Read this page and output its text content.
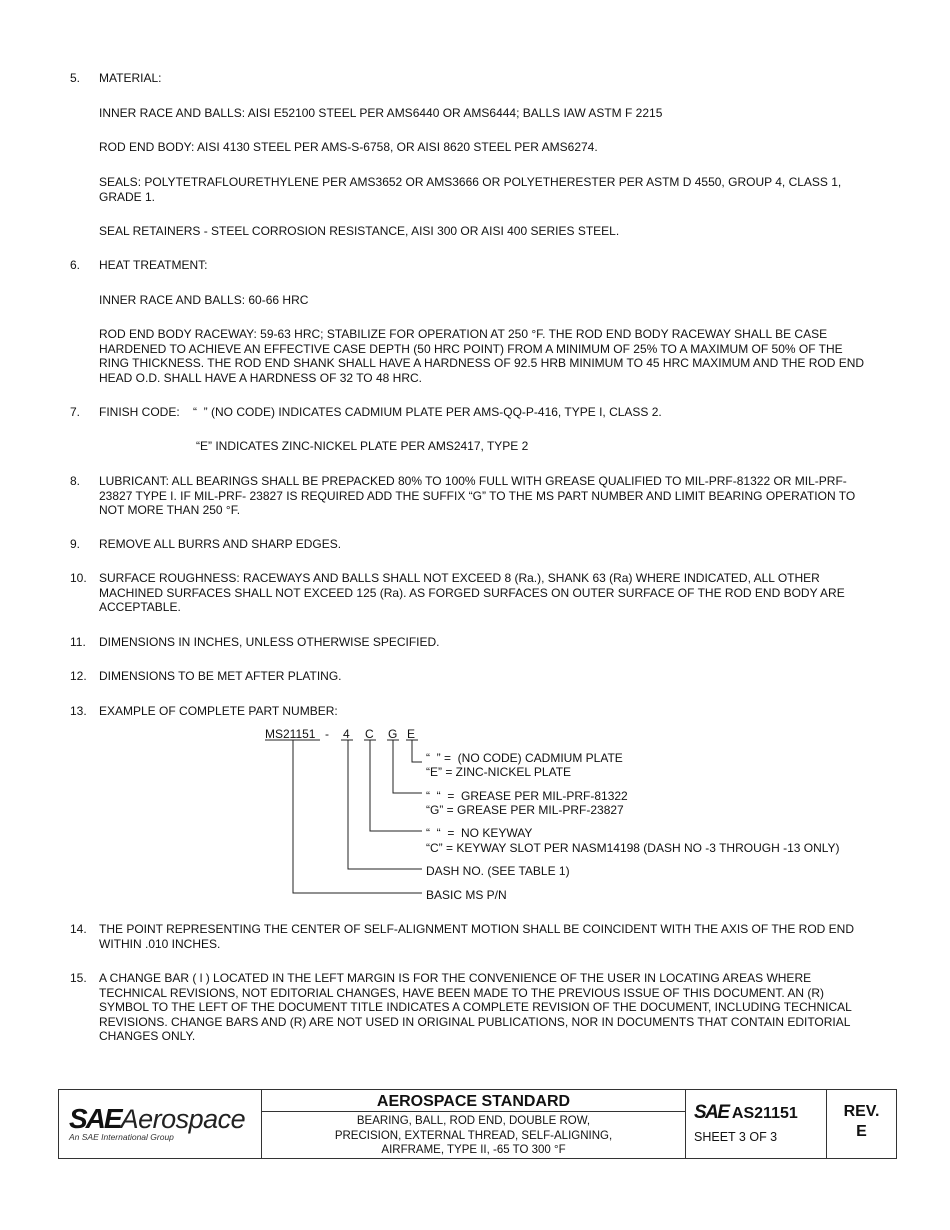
5. MATERIAL:

INNER RACE AND BALLS: AISI E52100 STEEL PER AMS6440 OR AMS6444; BALLS IAW ASTM F 2215

ROD END BODY: AISI 4130 STEEL PER AMS-S-6758, OR AISI 8620 STEEL PER AMS6274.

SEALS: POLYTETRAFLOURETHYLENE PER AMS3652 OR AMS3666 OR POLYETHERESTER PER ASTM D 4550, GROUP 4, CLASS 1, GRADE 1.

SEAL RETAINERS - STEEL CORROSION RESISTANCE, AISI 300 OR AISI 400 SERIES STEEL.

6. HEAT TREATMENT:

INNER RACE AND BALLS: 60-66 HRC

ROD END BODY RACEWAY: 59-63 HRC; STABILIZE FOR OPERATION AT 250 °F. THE ROD END BODY RACEWAY SHALL BE CASE HARDENED TO ACHIEVE AN EFFECTIVE CASE DEPTH (50 HRC POINT) FROM A MINIMUM OF 25% TO A MAXIMUM OF 50% OF THE RING THICKNESS. THE ROD END SHANK SHALL HAVE A HARDNESS OF 92.5 HRB MINIMUM TO 45 HRC MAXIMUM AND THE ROD END HEAD O.D. SHALL HAVE A HARDNESS OF 32 TO 48 HRC.

7. FINISH CODE:    “  ” (NO CODE) INDICATES CADMIUM PLATE PER AMS-QQ-P-416, TYPE I, CLASS 2.

“E” INDICATES ZINC-NICKEL PLATE PER AMS2417, TYPE 2

8. LUBRICANT: ALL BEARINGS SHALL BE PREPACKED 80% TO 100% FULL WITH GREASE QUALIFIED TO MIL-PRF-81322 OR MIL-PRF-23827 TYPE I. IF MIL-PRF- 23827 IS REQUIRED ADD THE SUFFIX “G” TO THE MS PART NUMBER AND LIMIT BEARING OPERATION TO NOT MORE THAN 250 °F.

9. REMOVE ALL BURRS AND SHARP EDGES.

10. SURFACE ROUGHNESS: RACEWAYS AND BALLS SHALL NOT EXCEED 8 (Ra.), SHANK 63 (Ra) WHERE INDICATED, ALL OTHER MACHINED SURFACES SHALL NOT EXCEED 125 (Ra). AS FORGED SURFACES ON OUTER SURFACE OF THE ROD END BODY ARE ACCEPTABLE.

11. DIMENSIONS IN INCHES, UNLESS OTHERWISE SPECIFIED.

12. DIMENSIONS TO BE MET AFTER PLATING.

13. EXAMPLE OF COMPLETE PART NUMBER:

MS21151 - 4 C G E
“  ” =  (NO CODE) CADMIUM PLATE
“E” = ZINC-NICKEL PLATE
“  “  =  GREASE PER MIL-PRF-81322
“G” = GREASE PER MIL-PRF-23827
“  “  =  NO KEYWAY
“C” = KEYWAY SLOT PER NASM14198 (DASH NO -3 THROUGH -13 ONLY)
DASH NO. (SEE TABLE 1)
BASIC MS P/N
14. THE POINT REPRESENTING THE CENTER OF SELF-ALIGNMENT MOTION SHALL BE COINCIDENT WITH THE AXIS OF THE ROD END WITHIN .010 INCHES.

15. A CHANGE BAR ( l ) LOCATED IN THE LEFT MARGIN IS FOR THE CONVENIENCE OF THE USER IN LOCATING AREAS WHERE TECHNICAL REVISIONS, NOT EDITORIAL CHANGES, HAVE BEEN MADE TO THE PREVIOUS ISSUE OF THIS DOCUMENT. AN (R) SYMBOL TO THE LEFT OF THE DOCUMENT TITLE INDICATES A COMPLETE REVISION OF THE DOCUMENT, INCLUDING TECHNICAL REVISIONS. CHANGE BARS AND (R) ARE NOT USED IN ORIGINAL PUBLICATIONS, NOR IN DOCUMENTS THAT CONTAIN EDITORIAL CHANGES ONLY.

SAEAerospace
An SAE International Group
AEROSPACE STANDARD
BEARING, BALL, ROD END, DOUBLE ROW,
PRECISION, EXTERNAL THREAD, SELF-ALIGNING,
AIRFRAME, TYPE II, -65 TO 300 °F
SAE AS21151
SHEET 3 OF 3
REV.
E
